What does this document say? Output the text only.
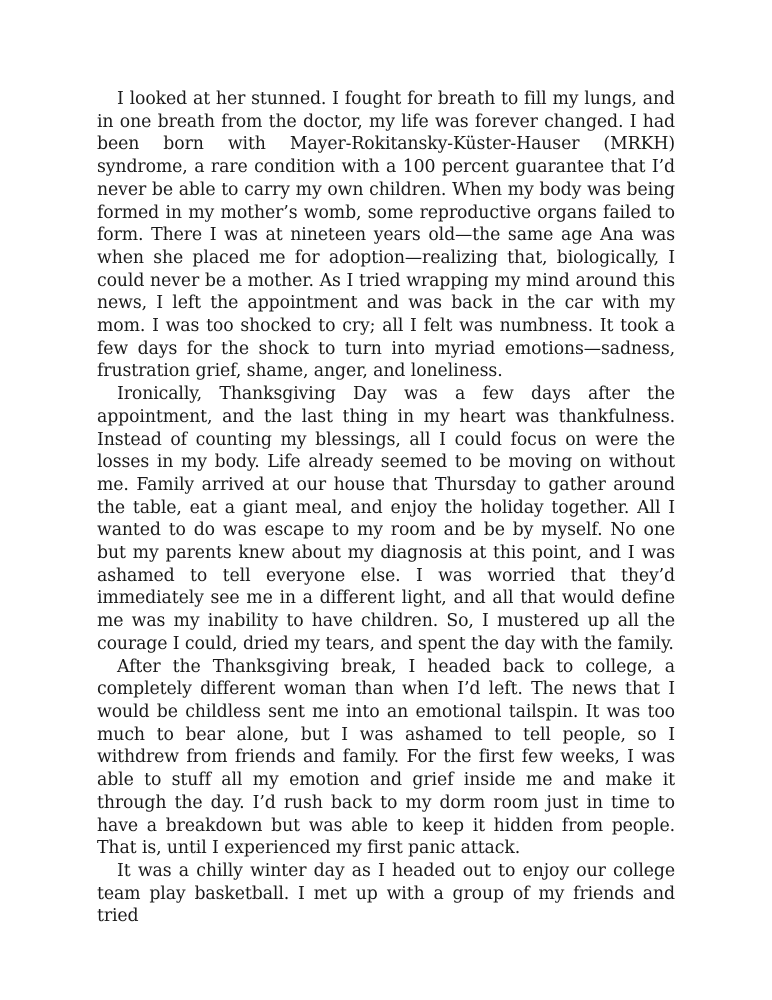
I looked at her stunned. I fought for breath to fill my lungs, and in one breath from the doctor, my life was forever changed. I had been born with Mayer-Rokitansky-Küster-Hauser (MRKH) syndrome, a rare condition with a 100 percent guarantee that I’d never be able to carry my own children. When my body was being formed in my mother’s womb, some reproductive organs failed to form. There I was at nineteen years old—the same age Ana was when she placed me for adoption—realizing that, biologically, I could never be a mother. As I tried wrapping my mind around this news, I left the appointment and was back in the car with my mom. I was too shocked to cry; all I felt was numbness. It took a few days for the shock to turn into myriad emotions—sadness, frustration grief, shame, anger, and loneliness.

Ironically, Thanksgiving Day was a few days after the appointment, and the last thing in my heart was thankfulness. Instead of counting my blessings, all I could focus on were the losses in my body. Life already seemed to be moving on without me. Family arrived at our house that Thursday to gather around the table, eat a giant meal, and enjoy the holiday together. All I wanted to do was escape to my room and be by myself. No one but my parents knew about my diagnosis at this point, and I was ashamed to tell everyone else. I was worried that they’d immediately see me in a different light, and all that would define me was my inability to have children. So, I mustered up all the courage I could, dried my tears, and spent the day with the family.

After the Thanksgiving break, I headed back to college, a completely different woman than when I’d left. The news that I would be childless sent me into an emotional tailspin. It was too much to bear alone, but I was ashamed to tell people, so I withdrew from friends and family. For the first few weeks, I was able to stuff all my emotion and grief inside me and make it through the day. I’d rush back to my dorm room just in time to have a breakdown but was able to keep it hidden from people. That is, until I experienced my first panic attack.

It was a chilly winter day as I headed out to enjoy our college team play basketball. I met up with a group of my friends and tried
